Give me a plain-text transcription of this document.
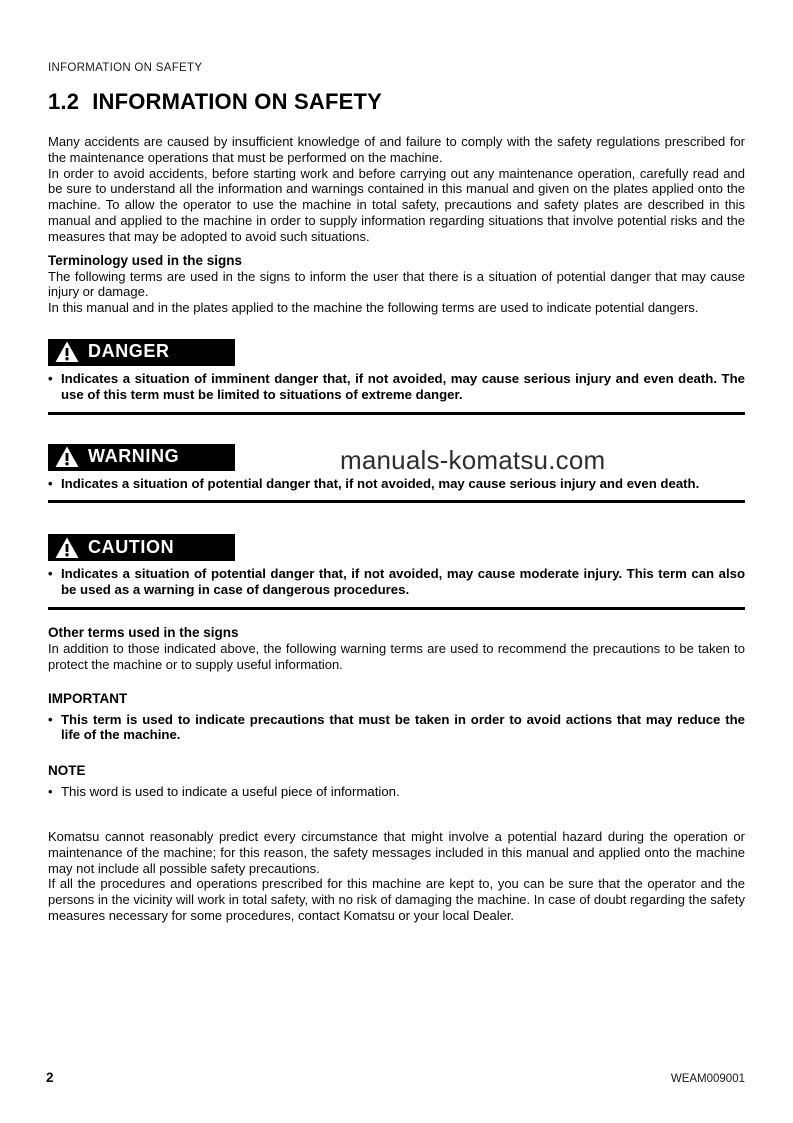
INFORMATION ON SAFETY
1.2 INFORMATION ON SAFETY

Many accidents are caused by insufficient knowledge of and failure to comply with the safety regulations prescribed for the maintenance operations that must be performed on the machine.

In order to avoid accidents, before starting work and before carrying out any maintenance operation, carefully read and be sure to understand all the information and warnings contained in this manual and given on the plates applied onto the machine. To allow the operator to use the machine in total safety, precautions and safety plates are described in this manual and applied to the machine in order to supply information regarding situations that involve potential risks and the measures that may be adopted to avoid such situations.

Terminology used in the signs

The following terms are used in the signs to inform the user that there is a situation of potential danger that may cause injury or damage.

In this manual and in the plates applied to the machine the following terms are used to indicate potential dangers.

DANGER
• Indicates a situation of imminent danger that, if not avoided, may cause serious injury and even death. The use of this term must be limited to situations of extreme danger.
WARNING	manuals-komatsu.com
• Indicates a situation of potential danger that, if not avoided, may cause serious injury and even death.
CAUTION
• Indicates a situation of potential danger that, if not avoided, may cause moderate injury. This term can also be used as a warning in case of dangerous procedures.
Other terms used in the signs

In addition to those indicated above, the following warning terms are used to recommend the precautions to be taken to protect the machine or to supply useful information.

IMPORTANT
• This term is used to indicate precautions that must be taken in order to avoid actions that may reduce the life of the machine.
NOTE
• This word is used to indicate a useful piece of information.

Komatsu cannot reasonably predict every circumstance that might involve a potential hazard during the operation or maintenance of the machine; for this reason, the safety messages included in this manual and applied onto the machine may not include all possible safety precautions.

If all the procedures and operations prescribed for this machine are kept to, you can be sure that the operator and the persons in the vicinity will work in total safety, with no risk of damaging the machine. In case of doubt regarding the safety measures necessary for some procedures, contact Komatsu or your local Dealer.

2	WEAM009001
